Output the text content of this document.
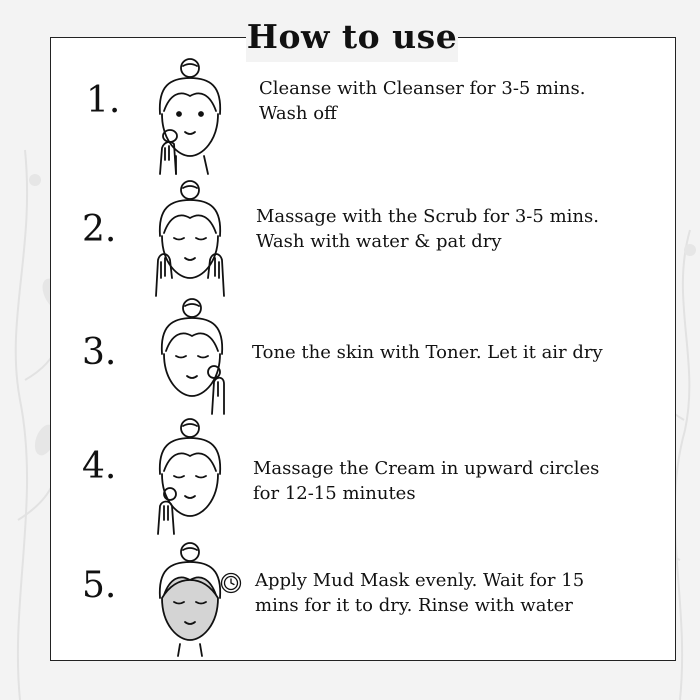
How to use
1.	Cleanse with Cleanser for 3-5 mins.
Wash off
2.	Massage with the Scrub for 3-5 mins.
Wash with water & pat dry
3.	Tone the skin with Toner. Let it air dry
4.	Massage the Cream in upward circles
for 12-15 minutes
5.	Apply Mud Mask evenly. Wait for 15
mins for it to dry. Rinse with water
